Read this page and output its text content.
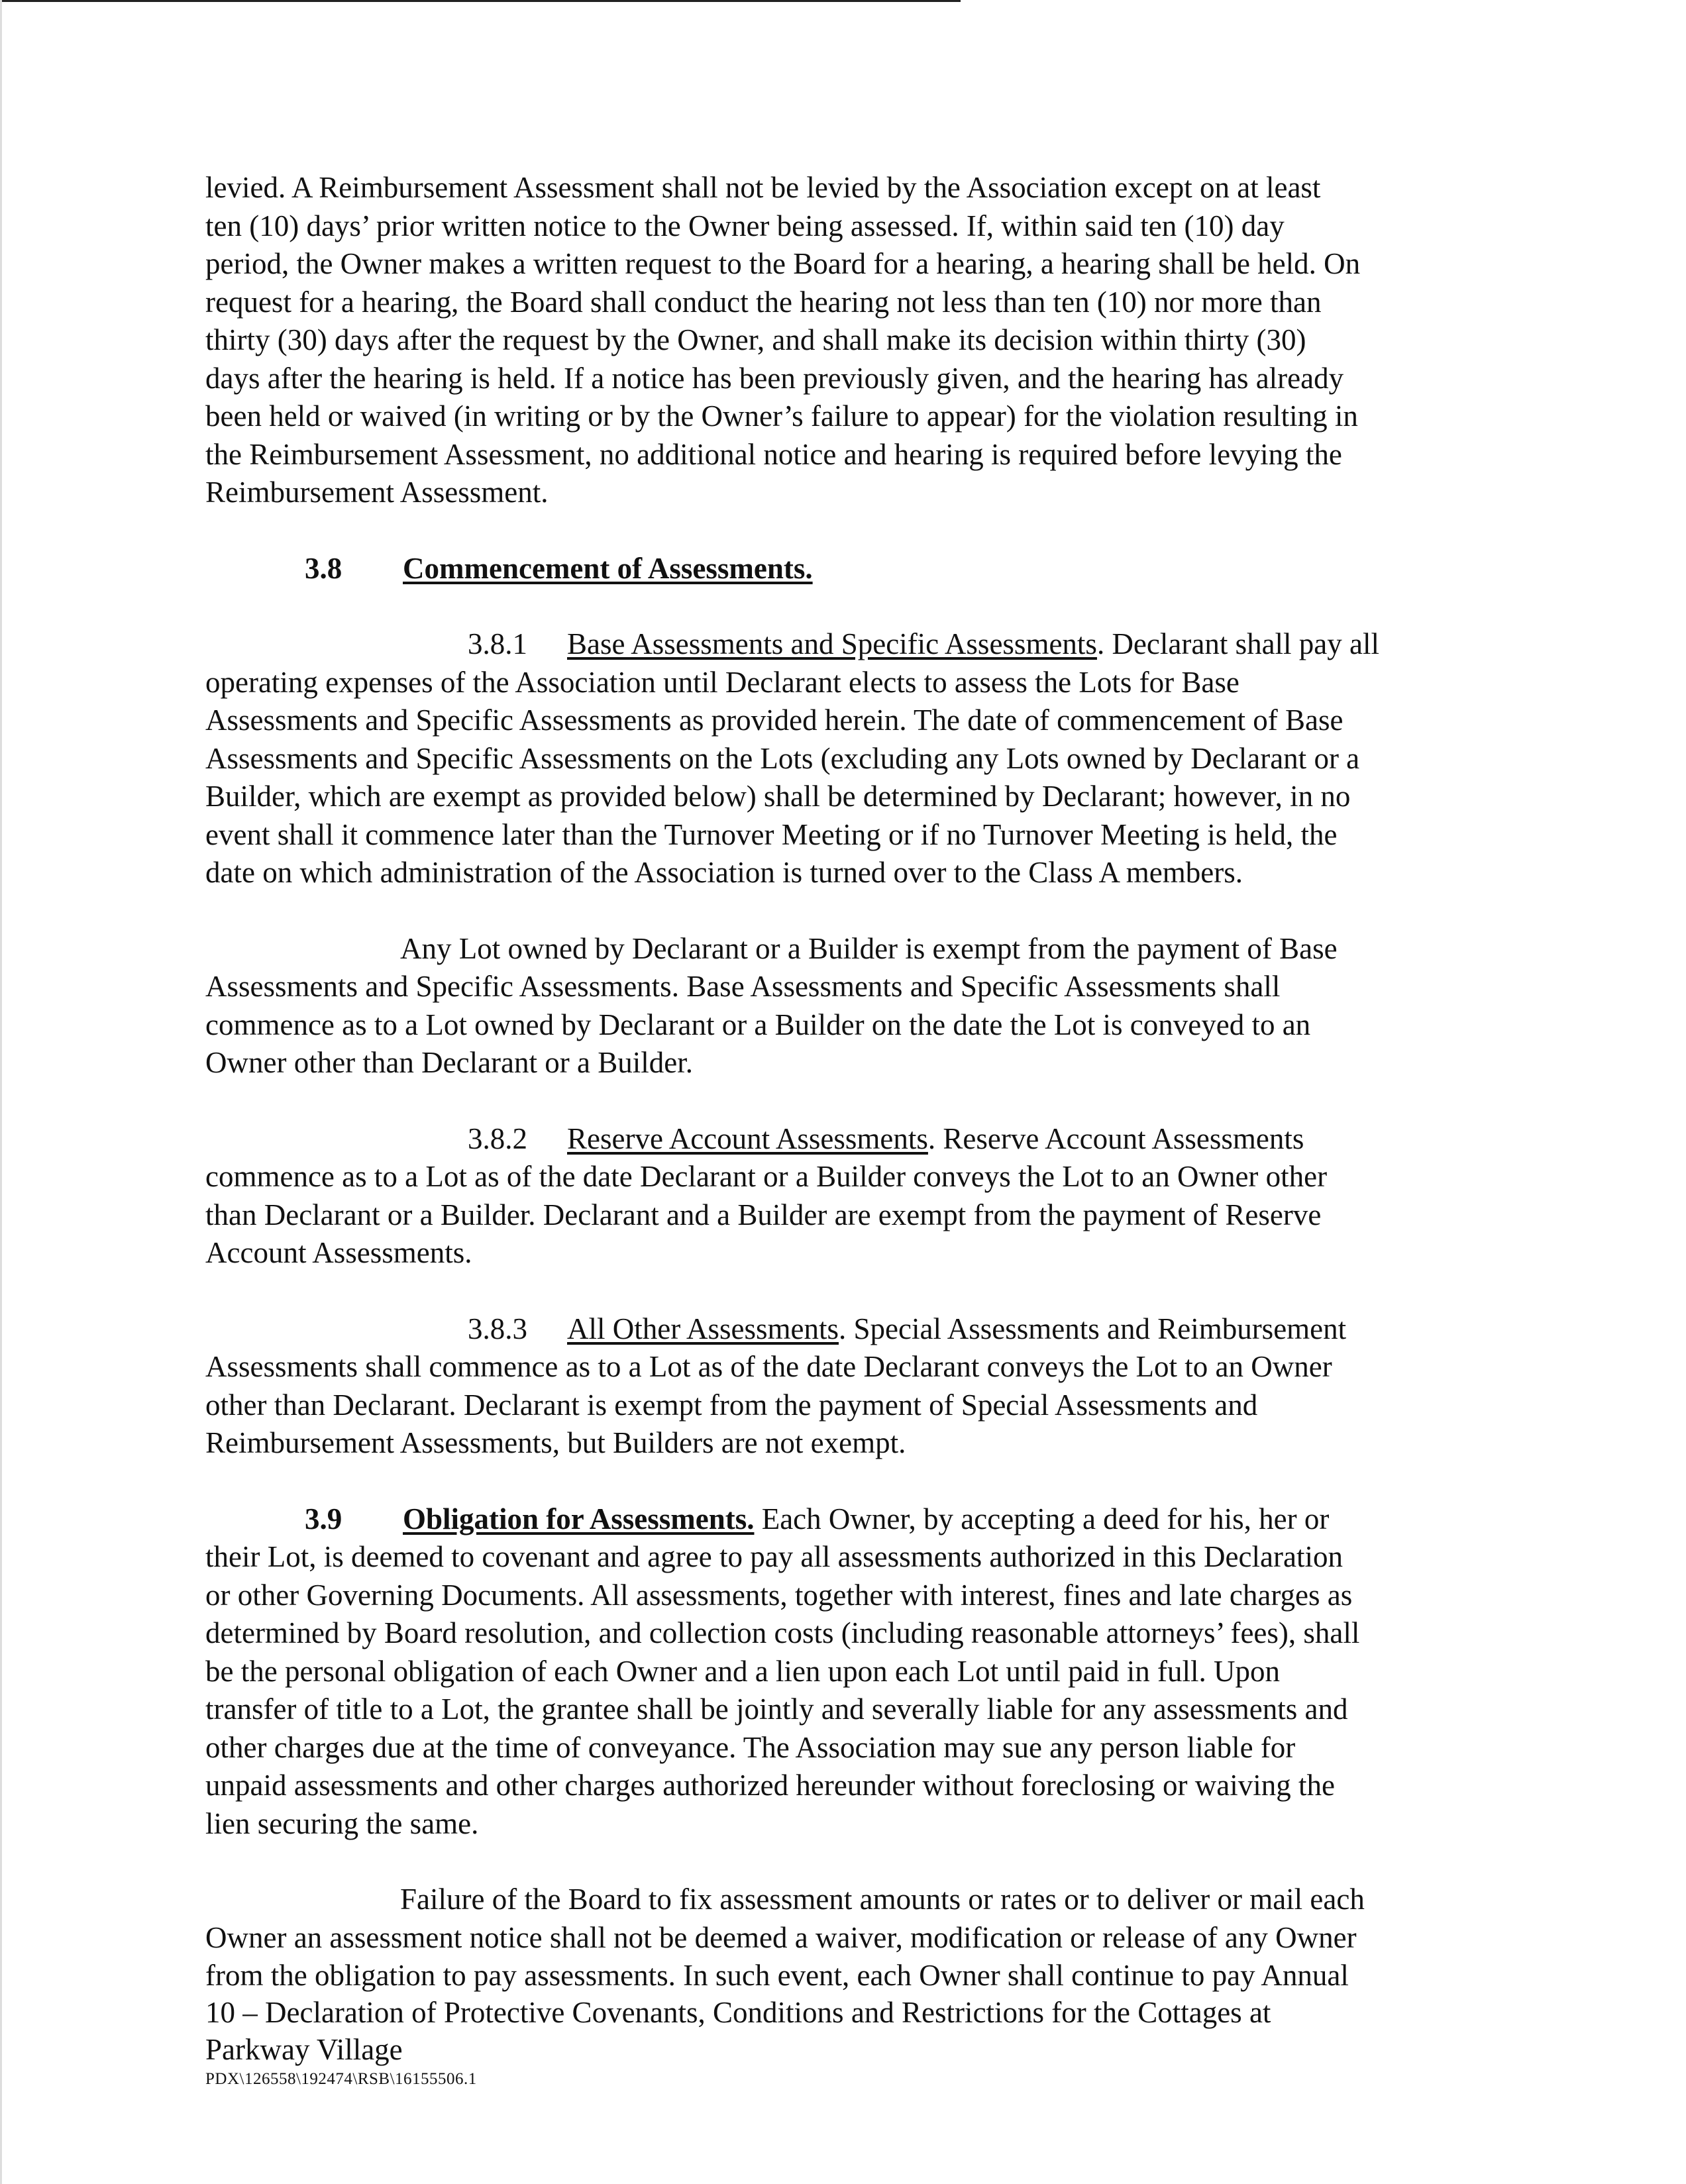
levied. A Reimbursement Assessment shall not be levied by the Association except on at least
ten (10) days’ prior written notice to the Owner being assessed. If, within said ten (10) day
period, the Owner makes a written request to the Board for a hearing, a hearing shall be held. On
request for a hearing, the Board shall conduct the hearing not less than ten (10) nor more than
thirty (30) days after the request by the Owner, and shall make its decision within thirty (30)
days after the hearing is held. If a notice has been previously given, and the hearing has already
been held or waived (in writing or by the Owner’s failure to appear) for the violation resulting in
the Reimbursement Assessment, no additional notice and hearing is required before levying the
Reimbursement Assessment.
3.8 Commencement of Assessments.
3.8.1 Base Assessments and Specific Assessments. Declarant shall pay all
operating expenses of the Association until Declarant elects to assess the Lots for Base
Assessments and Specific Assessments as provided herein. The date of commencement of Base
Assessments and Specific Assessments on the Lots (excluding any Lots owned by Declarant or a
Builder, which are exempt as provided below) shall be determined by Declarant; however, in no
event shall it commence later than the Turnover Meeting or if no Turnover Meeting is held, the
date on which administration of the Association is turned over to the Class A members.
Any Lot owned by Declarant or a Builder is exempt from the payment of Base
Assessments and Specific Assessments. Base Assessments and Specific Assessments shall
commence as to a Lot owned by Declarant or a Builder on the date the Lot is conveyed to an
Owner other than Declarant or a Builder.
3.8.2 Reserve Account Assessments. Reserve Account Assessments
commence as to a Lot as of the date Declarant or a Builder conveys the Lot to an Owner other
than Declarant or a Builder. Declarant and a Builder are exempt from the payment of Reserve
Account Assessments.
3.8.3 All Other Assessments. Special Assessments and Reimbursement
Assessments shall commence as to a Lot as of the date Declarant conveys the Lot to an Owner
other than Declarant. Declarant is exempt from the payment of Special Assessments and
Reimbursement Assessments, but Builders are not exempt.
3.9 Obligation for Assessments. Each Owner, by accepting a deed for his, her or
their Lot, is deemed to covenant and agree to pay all assessments authorized in this Declaration
or other Governing Documents. All assessments, together with interest, fines and late charges as
determined by Board resolution, and collection costs (including reasonable attorneys’ fees), shall
be the personal obligation of each Owner and a lien upon each Lot until paid in full. Upon
transfer of title to a Lot, the grantee shall be jointly and severally liable for any assessments and
other charges due at the time of conveyance. The Association may sue any person liable for
unpaid assessments and other charges authorized hereunder without foreclosing or waiving the
lien securing the same.
Failure of the Board to fix assessment amounts or rates or to deliver or mail each
Owner an assessment notice shall not be deemed a waiver, modification or release of any Owner
from the obligation to pay assessments. In such event, each Owner shall continue to pay Annual
10 – Declaration of Protective Covenants, Conditions and Restrictions for the Cottages at
Parkway Village
PDX\126558\192474\RSB\16155506.1
